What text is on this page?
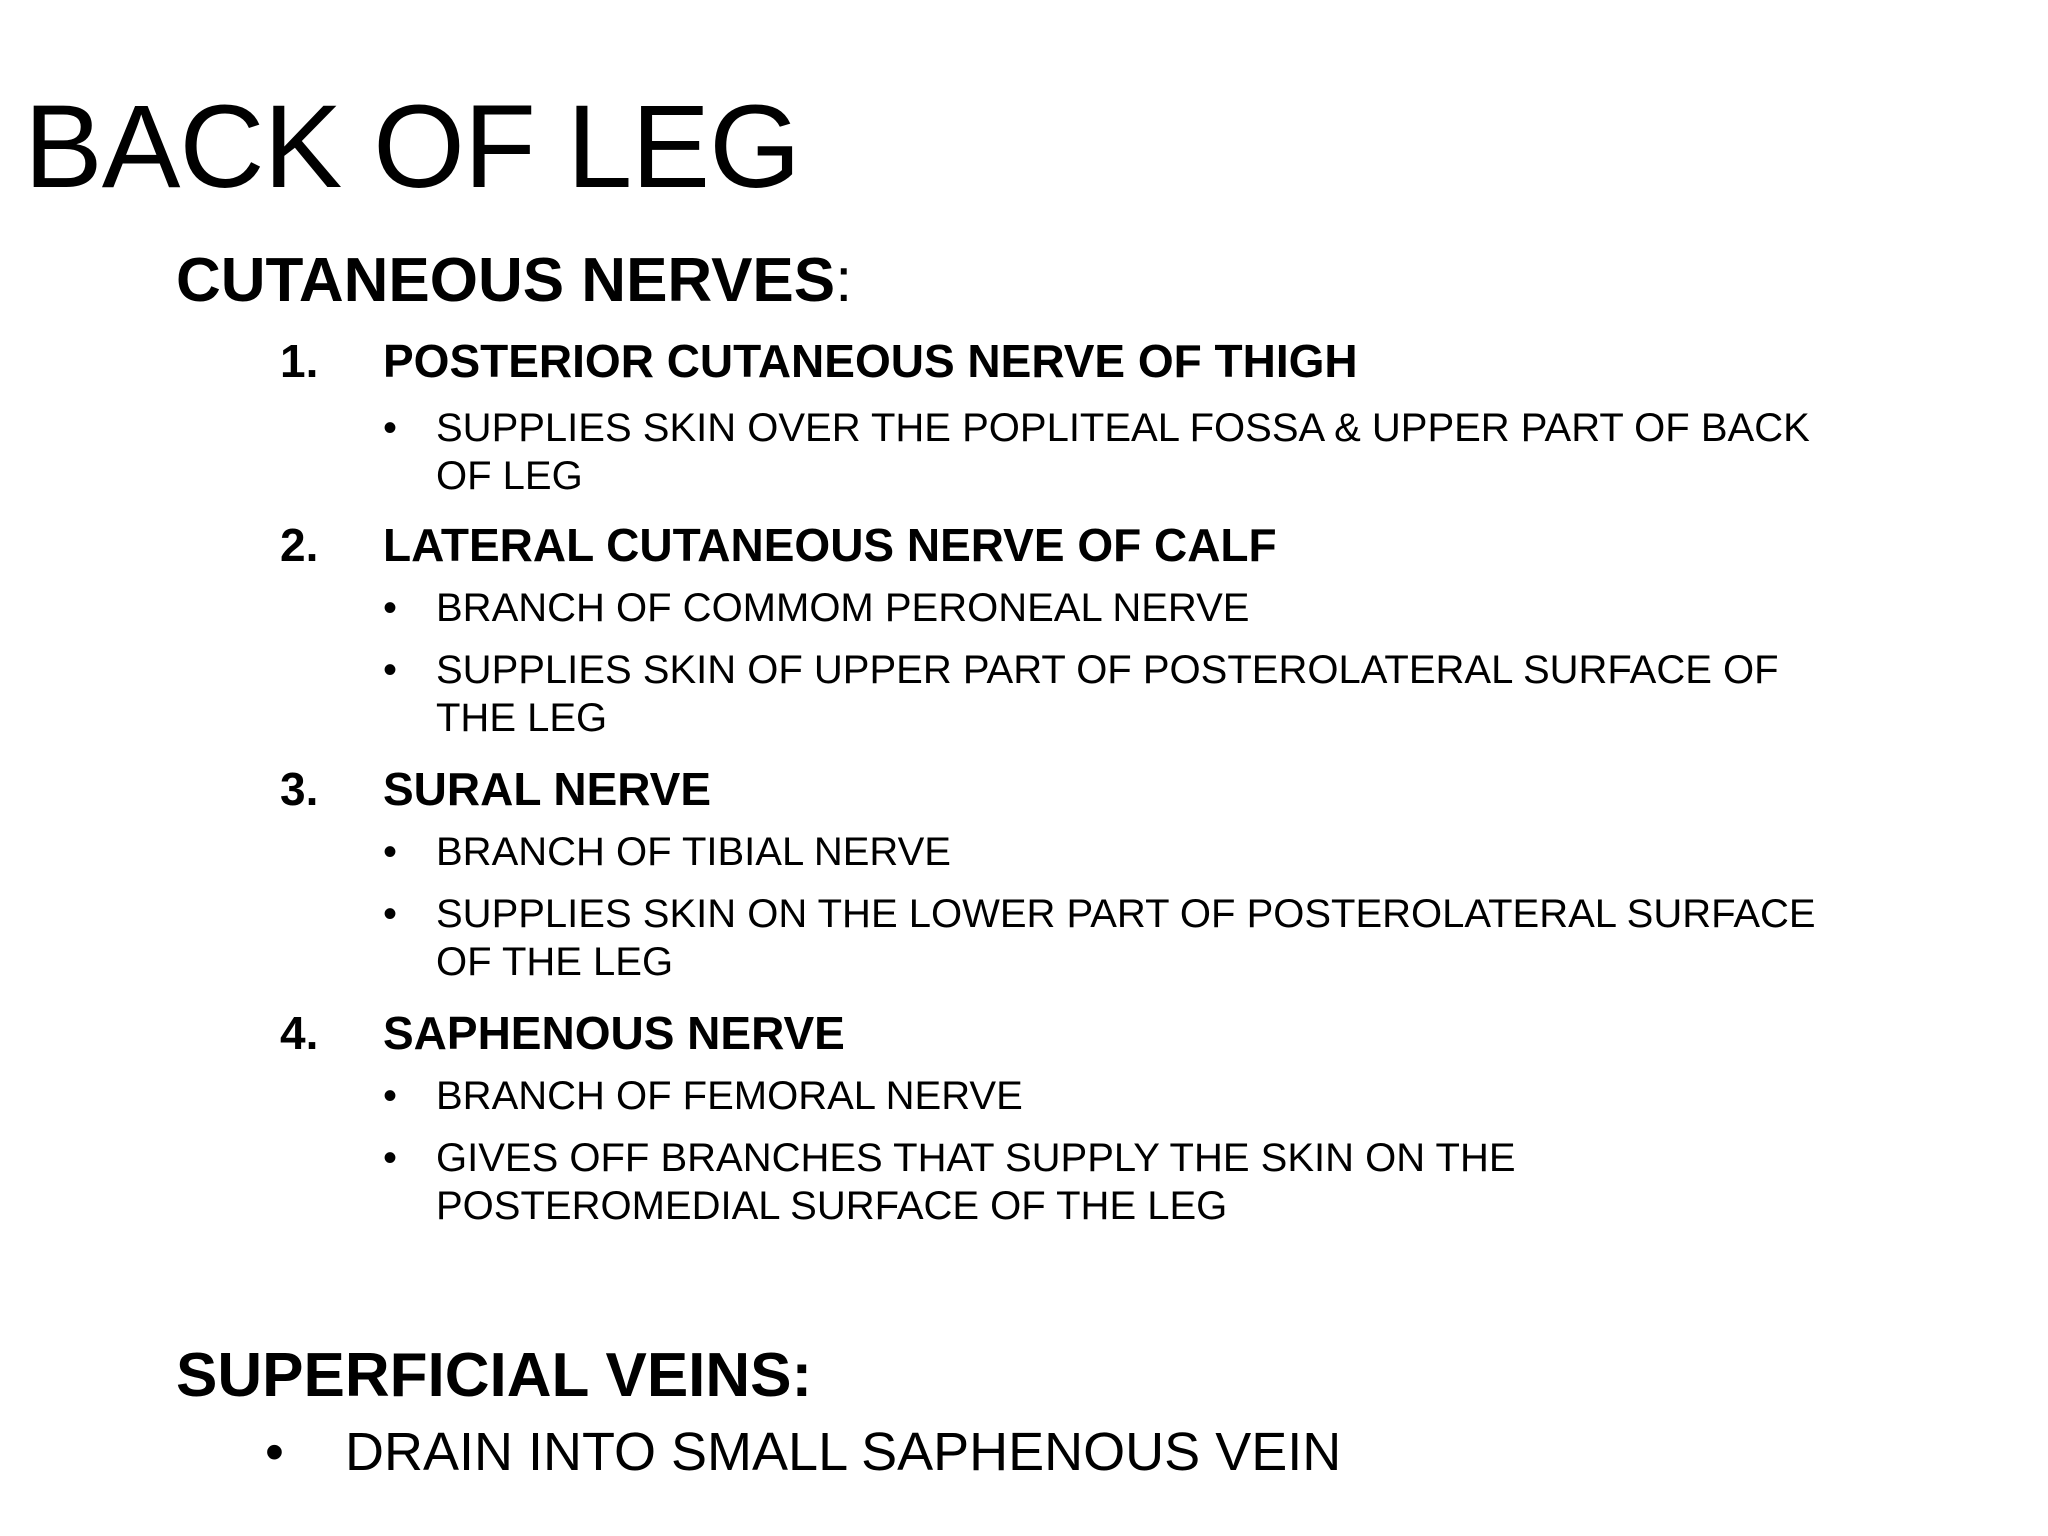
BACK OF LEG
CUTANEOUS NERVES:
1. POSTERIOR CUTANEOUS NERVE OF THIGH
• SUPPLIES SKIN OVER THE POPLITEAL FOSSA & UPPER PART OF BACK OF LEG
2. LATERAL CUTANEOUS NERVE OF CALF
• BRANCH OF COMMOM PERONEAL NERVE
• SUPPLIES SKIN OF UPPER PART OF POSTEROLATERAL SURFACE OF THE LEG
3. SURAL NERVE
• BRANCH OF TIBIAL NERVE
• SUPPLIES SKIN ON THE LOWER PART OF POSTEROLATERAL SURFACE OF THE LEG
4. SAPHENOUS NERVE
• BRANCH OF FEMORAL NERVE
• GIVES OFF BRANCHES THAT SUPPLY THE SKIN ON THE POSTEROMEDIAL SURFACE OF THE LEG
SUPERFICIAL VEINS:
• DRAIN INTO SMALL SAPHENOUS VEIN
